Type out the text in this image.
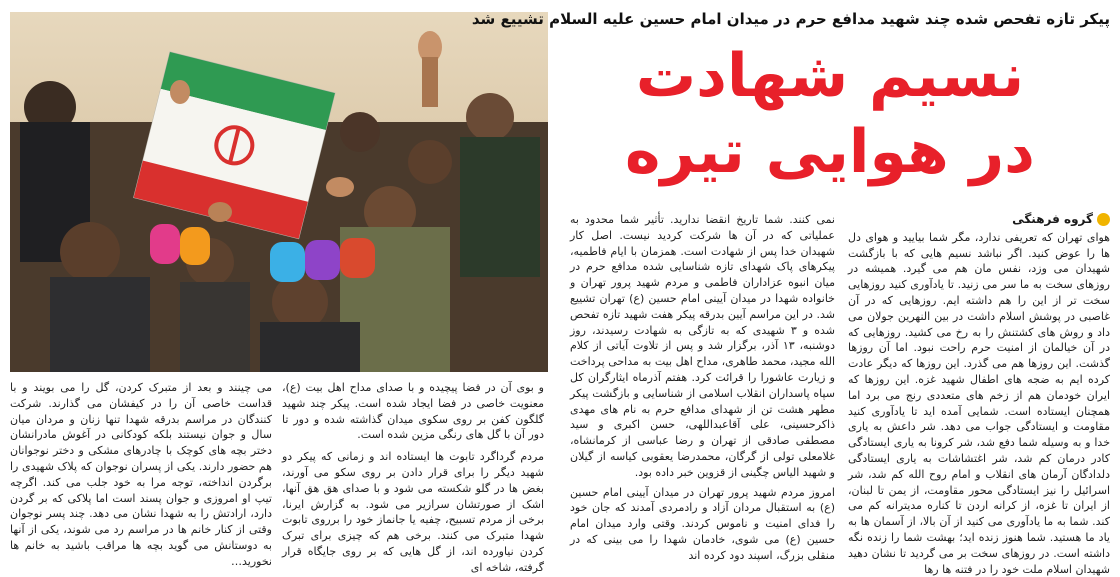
پیکر تازه تفحص شده چند شهید مدافع حرم در میدان امام حسین علیه السلام تشییع شد
نسیم شهادت
در هوایی تیره
گروه فرهنگی

هوای تهران که تعریفی ندارد، مگر شما بیایید و هوای دل ها را عوض کنید. اگر نباشد نسیم هایی که با بازگشت شهیدان می وزد، نفس مان هم می گیرد. همیشه در روزهای سخت به ما سر می زنید. تا یادآوری کنید روزهایی سخت تر از این را هم داشته ایم. روزهایی که در آن غاصبی در پوشش اسلام داشت در بین النهرین جولان می داد و روش های کشتنش را به رخ می کشید. روزهایی که در آن خیالمان از امنیت حرم راحت نبود. اما آن روزها گذشت. این روزها هم می گذرد. این روزها که دیگر عادت کرده ایم به ضجه های اطفال شهید غزه. این روزها که ایران خودمان هم از زخم های متعددی رنج می برد اما همچنان ایستاده است. شمایی آمده اید تا یادآوری کنید مقاومت و ایستادگی جواب می دهد. شر داعش به یاری خدا و به وسیله شما دفع شد، شر کرونا به یاری ایستادگی کادر درمان کم شد، شر اغتشاشات به یاری ایستادگی دلدادگان آرمان های انقلاب و امام روح الله کم شد، شر اسرائیل را نیز ایستادگی محور مقاومت، از یمن تا لبنان، از ایران تا غزه، از کرانه اردن تا کناره مدیترانه کم می کند. شما به ما یادآوری می کنید از آن بالا، از آسمان ها به یاد ما هستید. شما هنوز زنده اید؛ بهشت شما را زنده نگه داشته است. در روزهای سخت بر می گردید تا نشان دهید شهیدان اسلام ملت خود را در فتنه ها رها

نمی کنند. شما تاریخ انقضا ندارید. تأثیر شما محدود به عملیاتی که در آن ها شرکت کردید نیست. اصل کار شهیدان خدا پس از شهادت است. همزمان با ایام فاطمیه، پیکرهای پاک شهدای تازه شناسایی شده مدافع حرم در میان انبوه عزاداران فاطمی و مردم شهید پرور تهران و خانواده شهدا در میدان آیینی امام حسین (ع) تهران تشییع شد. در این مراسم آیین بدرقه پیکر هفت شهید تازه تفحص شده و ۳ شهیدی که به تازگی به شهادت رسیدند، روز دوشنبه، ۱۳ آذر، برگزار شد و پس از تلاوت آیاتی از کلام الله مجید، محمد طاهری، مداح اهل بیت به مداحی پرداخت و زیارت عاشورا را قرائت کرد. هفتم آذرماه ایثارگران کل سپاه پاسداران انقلاب اسلامی از شناسایی و بازگشت پیکر مطهر هشت تن از شهدای مدافع حرم به نام های مهدی ذاکرحسینی، علی آقاعبداللهی، حسن اکبری و سید مصطفی صادقی از تهران و رضا عباسی از کرمانشاه، غلامعلی تولی از گرگان، محمدرضا یعقوبی کیاسه از گیلان و شهید الیاس چگینی از قزوین خبر داده بود.

امروز مردم شهید پرور تهران در میدان آیینی امام حسین (ع) به استقبال مردان آزاد و رادمردی آمدند که جان خود را فدای امنیت و ناموس کردند. وقتی وارد میدان امام حسین (ع) می شوی، خادمان شهدا را می بینی که در منقلی بزرگ، اسپند دود کرده اند

و بوی آن در فضا پیچیده و با صدای مداح اهل بیت (ع)، معنویت خاصی در فضا ایجاد شده است. پیکر چند شهید گلگون کفن بر روی سکوی میدان گذاشته شده و دور تا دور آن با گل های رنگی مزین شده است.

مردم گرداگرد تابوت ها ایستاده اند و زمانی که پیکر دو شهید دیگر را برای قرار دادن بر روی سکو می آورند، بغض ها در گلو شکسته می شود و با صدای هق هق آنها، اشک از صورتشان سرازیر می شود. به گزارش ایرنا، برخی از مردم تسبیح، چفیه یا جانماز خود را برروی تابوت شهدا متبرک می کنند. برخی هم که چیزی برای تبرک کردن نیاورده اند، از گل هایی که بر روی جایگاه قرار گرفته، شاخه ای

می چینند و بعد از متبرک کردن، گل را می بویند و با قداست خاصی آن را در کیفشان می گذارند. شرکت کنندگان در مراسم بدرقه شهدا تنها زنان و مردان میان سال و جوان نیستند بلکه کودکانی در آغوش مادرانشان دختر بچه های کوچک با چادرهای مشکی و دختر نوجوانان هم حضور دارند. یکی از پسران نوجوان که پلاک شهیدی را برگردن انداخته، توجه مرا به خود جلب می کند. اگرچه تیپ او امروزی و جوان پسند است اما پلاکی که بر گردن دارد، ارادتش را به شهدا نشان می دهد. چند پسر نوجوان وقتی از کنار خانم ها در مراسم رد می شوند، یکی از آنها به دوستانش می گوید بچه ها مراقب باشید به خانم ها نخورید…
